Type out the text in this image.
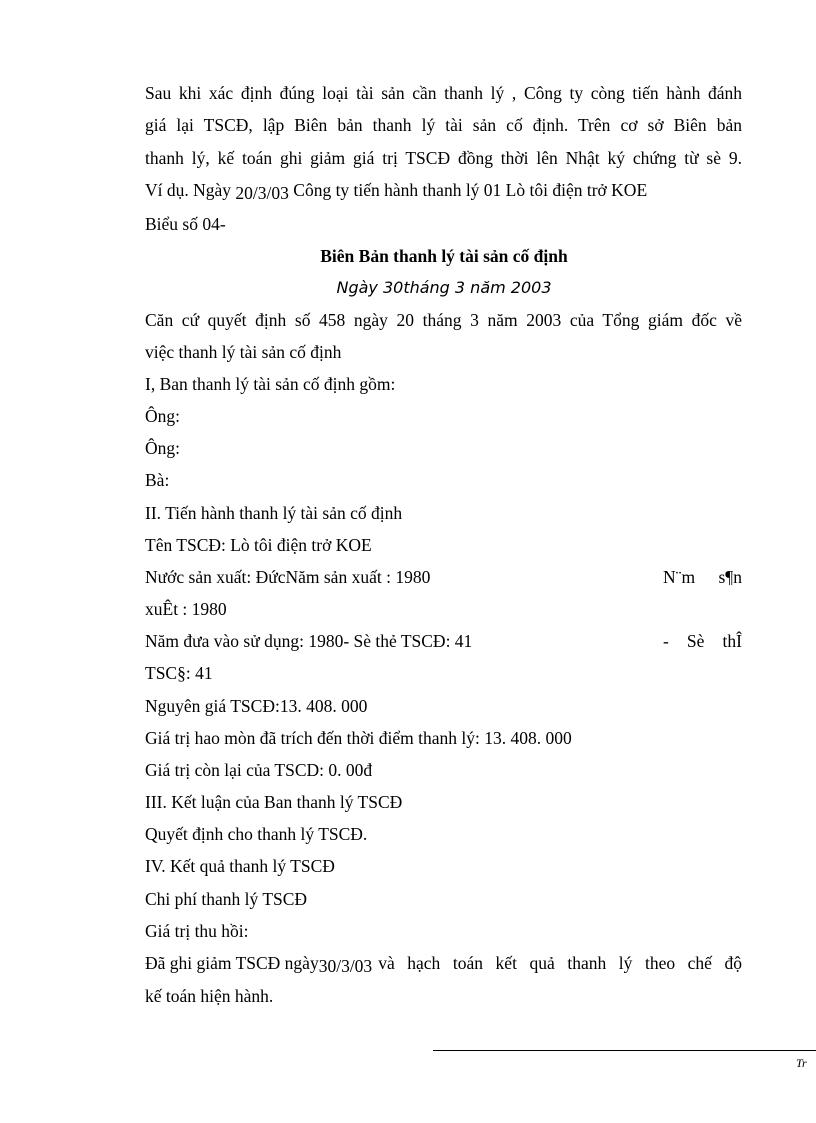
Sau khi xác định đúng loại tài sản cần thanh lý , Công ty còng tiến hành đánh
giá lại TSCĐ, lập Biên bản thanh lý tài sản cố định. Trên cơ sở Biên bản
thanh lý, kế toán ghi giảm giá trị TSCĐ đồng thời lên Nhật ký chứng từ sè 9.
Ví dụ. Ngày 20/3/03 Công ty tiến hành thanh lý 01 Lò tôi điện trở KOE
Biểu số 04-
Biên Bản thanh lý tài sản cố định
Ngày 30tháng 3 năm 2003
Căn cứ quyết định số 458 ngày 20 tháng 3 năm 2003 của Tổng giám đốc về
việc thanh lý tài sản cố định
I, Ban thanh lý tài sản cố định gồm:
Ông:
Ông:
Bà:
II. Tiến hành thanh lý tài sản cố định
Tên TSCĐ: Lò tôi điện trở KOE
Nước sản xuất: ĐứcNăm sản xuất : 1980	N¨m s¶n
xuÊt : 1980
Năm đưa vào sử dụng: 1980- Sè thẻ TSCĐ: 41	- Sè thÎ
TSC§: 41
Nguyên giá TSCĐ:13. 408. 000
Giá trị hao mòn đã trích đến thời điểm thanh lý: 13. 408. 000
Giá trị còn lại của TSCD: 0. 00đ
III. Kết luận của Ban thanh lý TSCĐ
Quyết định cho thanh lý TSCĐ.
IV. Kết quả thanh lý TSCĐ
Chi phí thanh lý TSCĐ
Giá trị thu hồi:
Đã ghi giảm TSCĐ ngày 30/3/03 và hạch toán kết quả thanh lý theo chế độ
kế toán hiện hành.
Tr
